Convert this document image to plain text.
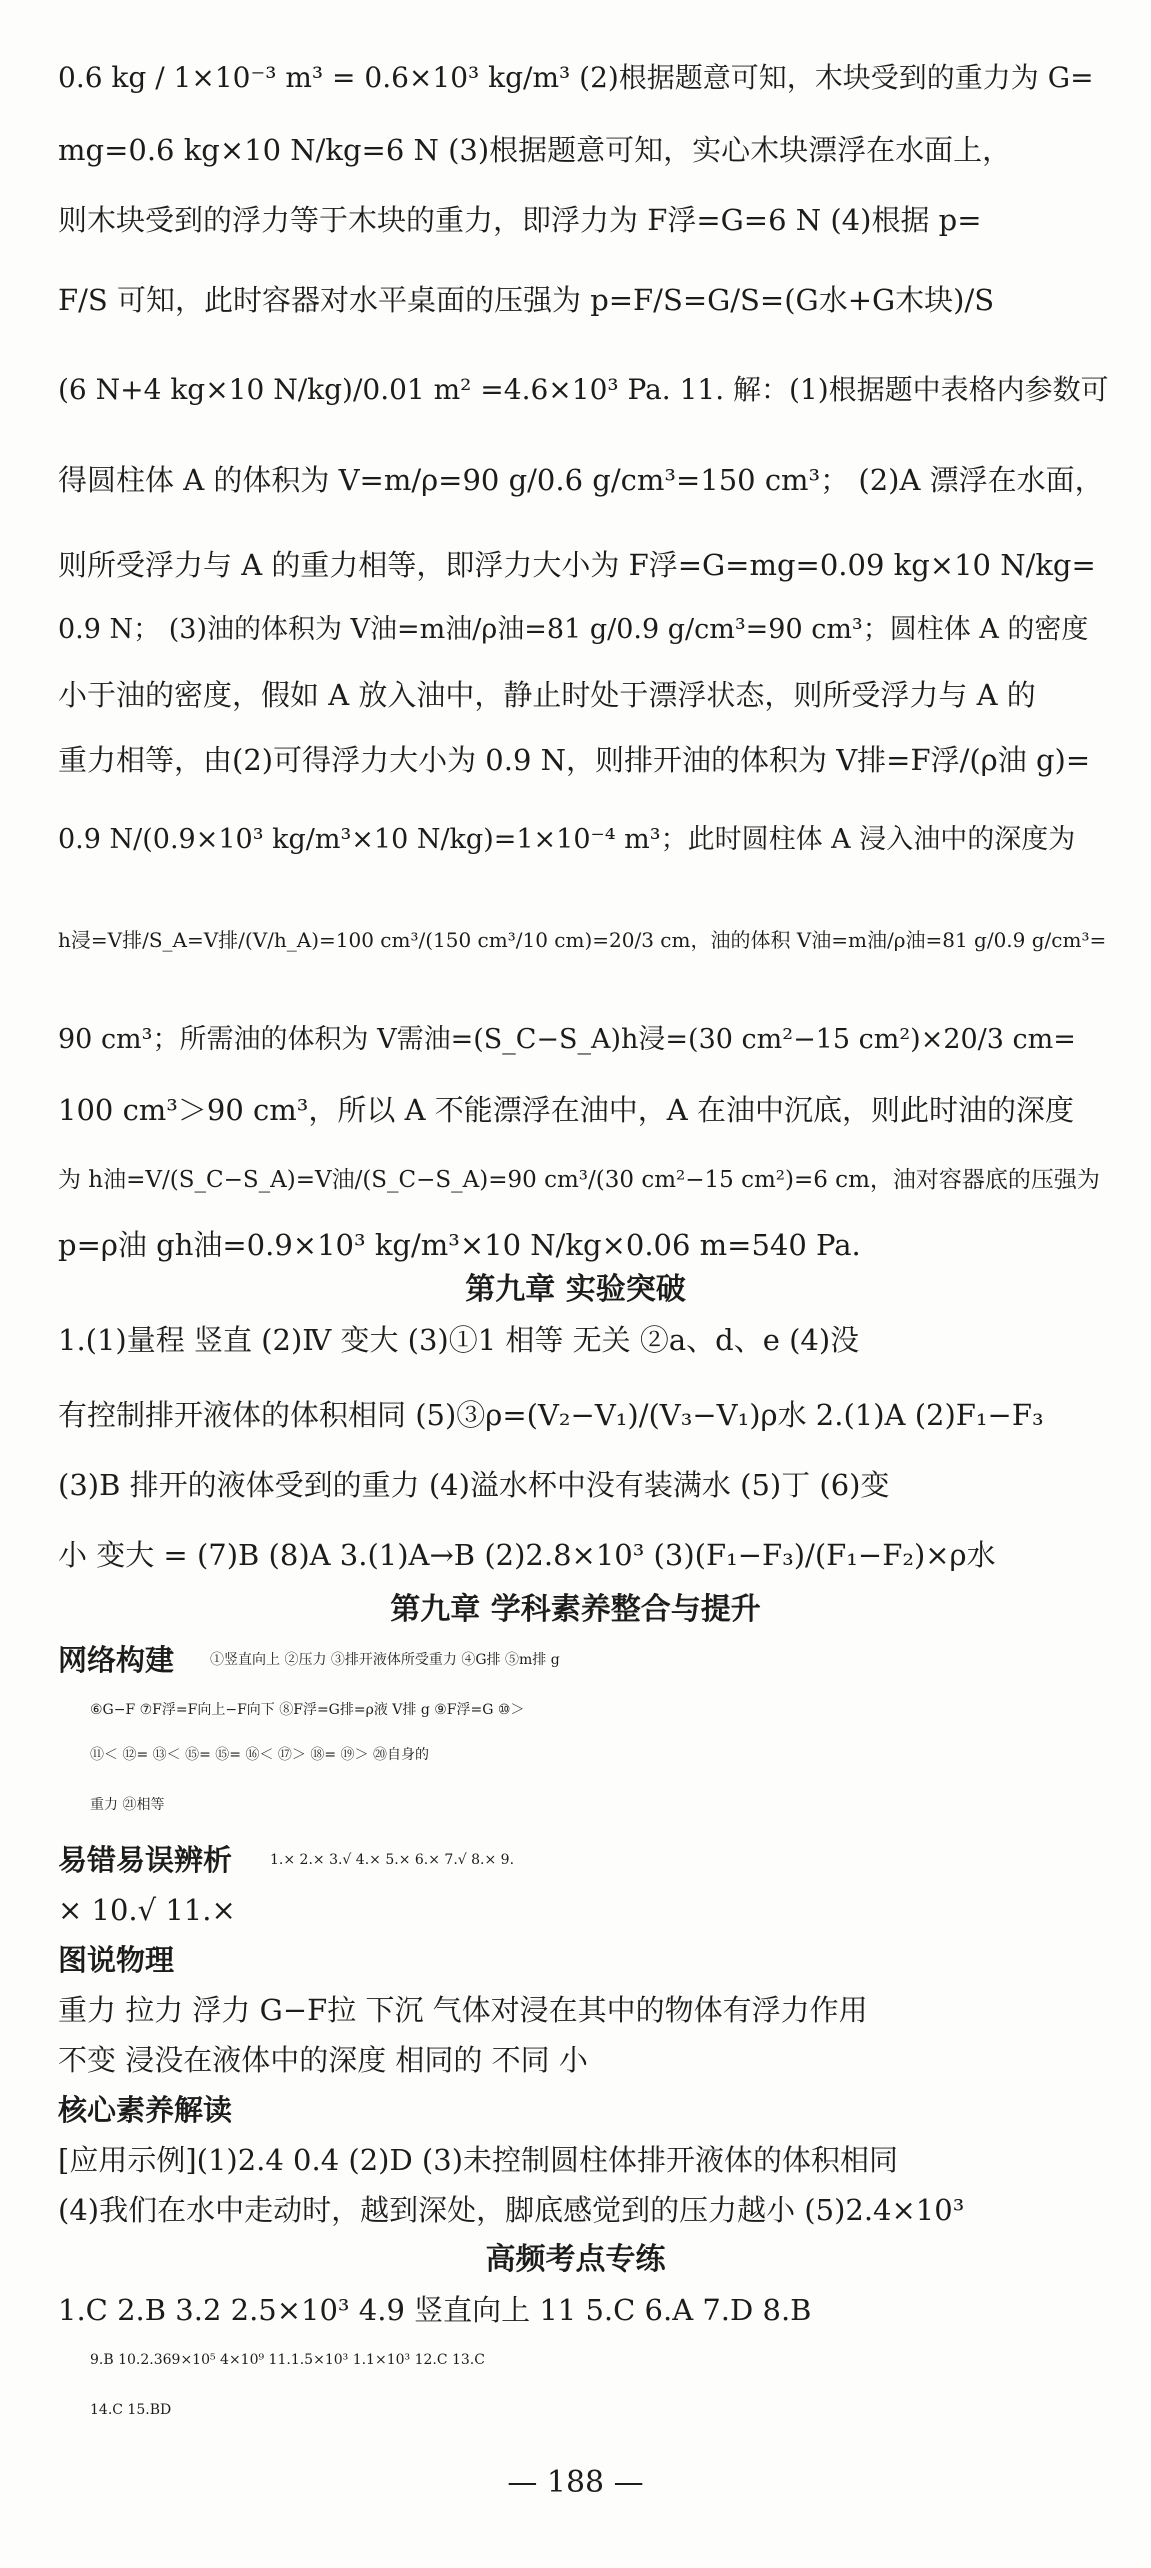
0.6 kg / 1×10⁻³ m³ = 0.6×10³ kg/m³ (2)根据题意可知，木块受到的重力为 G=
mg=0.6 kg×10 N/kg=6 N (3)根据题意可知，实心木块漂浮在水面上，
则木块受到的浮力等于木块的重力，即浮力为 F浮=G=6 N (4)根据 p=
F/S 可知，此时容器对水平桌面的压强为 p=F/S=G/S=(G水+G木块)/S
(6 N+4 kg×10 N/kg)/0.01 m² =4.6×10³ Pa. 11. 解：(1)根据题中表格内参数可
得圆柱体 A 的体积为 V=m/ρ=90 g/0.6 g/cm³=150 cm³； (2)A 漂浮在水面，
则所受浮力与 A 的重力相等，即浮力大小为 F浮=G=mg=0.09 kg×10 N/kg=
0.9 N； (3)油的体积为 V油=m油/ρ油=81 g/0.9 g/cm³=90 cm³；圆柱体 A 的密度
小于油的密度，假如 A 放入油中，静止时处于漂浮状态，则所受浮力与 A 的
重力相等，由(2)可得浮力大小为 0.9 N，则排开油的体积为 V排=F浮/(ρ油 g)=
0.9 N/(0.9×10³ kg/m³×10 N/kg)=1×10⁻⁴ m³；此时圆柱体 A 浸入油中的深度为
h浸=V排/S_A=V排/(V/h_A)=100 cm³/(150 cm³/10 cm)=20/3 cm，油的体积 V油=m油/ρ油=81 g/0.9 g/cm³=
90 cm³；所需油的体积为 V需油=(S_C−S_A)h浸=(30 cm²−15 cm²)×20/3 cm=
100 cm³＞90 cm³，所以 A 不能漂浮在油中，A 在油中沉底，则此时油的深度
为 h油=V/(S_C−S_A)=V油/(S_C−S_A)=90 cm³/(30 cm²−15 cm²)=6 cm，油对容器底的压强为
p=ρ油 gh油=0.9×10³ kg/m³×10 N/kg×0.06 m=540 Pa.
第九章 实验突破
1.(1)量程 竖直 (2)Ⅳ 变大 (3)①1 相等 无关 ②a、d、e (4)没
有控制排开液体的体积相同 (5)③ρ=(V₂−V₁)/(V₃−V₁)ρ水 2.(1)A (2)F₁−F₃
(3)B 排开的液体受到的重力 (4)溢水杯中没有装满水 (5)丁 (6)变
小 变大 = (7)B (8)A 3.(1)A→B (2)2.8×10³ (3)(F₁−F₃)/(F₁−F₂)×ρ水
第九章 学科素养整合与提升
网络构建	①竖直向上 ②压力 ③排开液体所受重力 ④G排 ⑤m排 g
⑥G−F ⑦F浮=F向上−F向下 ⑧F浮=G排=ρ液 V排 g ⑨F浮=G ⑩＞
⑪＜ ⑫= ⑬＜ ⑮= ⑮= ⑯＜ ⑰＞ ⑱= ⑲＞ ⑳自身的
重力 ㉑相等
易错易误辨析	1.× 2.× 3.√ 4.× 5.× 6.× 7.√ 8.× 9.
× 10.√ 11.×
图说物理
重力 拉力 浮力 G−F拉 下沉 气体对浸在其中的物体有浮力作用
不变 浸没在液体中的深度 相同的 不同 小
核心素养解读
[应用示例](1)2.4 0.4 (2)D (3)未控制圆柱体排开液体的体积相同
(4)我们在水中走动时，越到深处，脚底感觉到的压力越小 (5)2.4×10³
高频考点专练
1.C 2.B 3.2 2.5×10³ 4.9 竖直向上 11 5.C 6.A 7.D 8.B
9.B 10.2.369×10⁵ 4×10⁹ 11.1.5×10³ 1.1×10³ 12.C 13.C
14.C 15.BD
— 188 —
